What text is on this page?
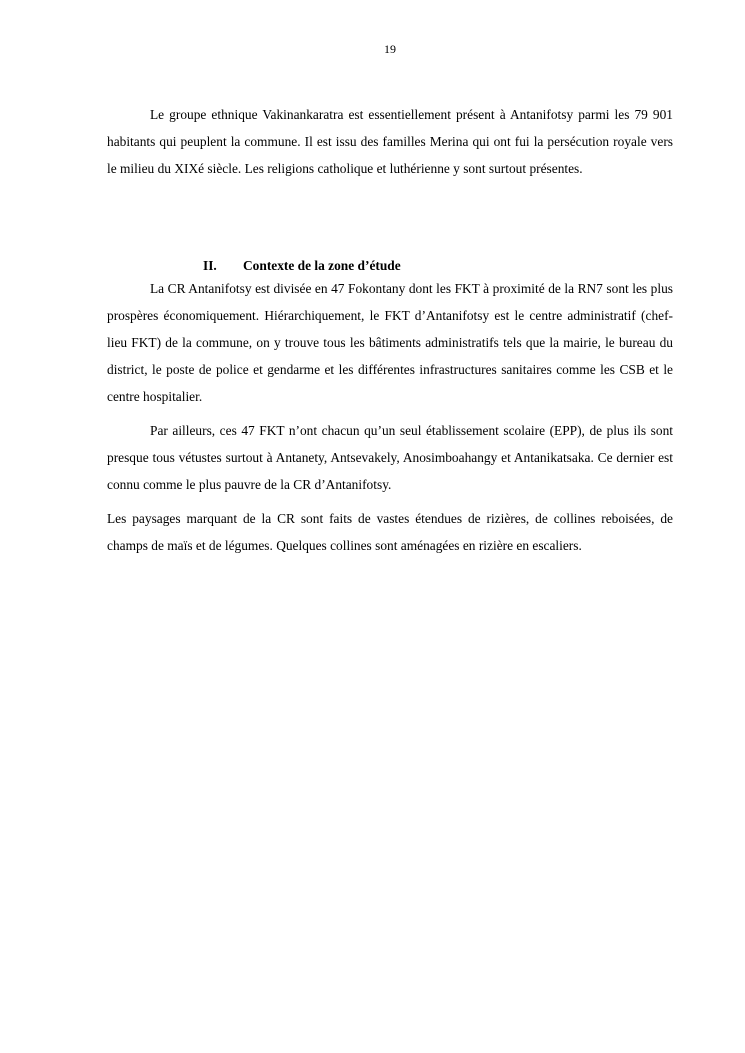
19

Le groupe ethnique Vakinankaratra est essentiellement présent à Antanifotsy parmi les 79 901 habitants qui peuplent la commune. Il est issu des familles Merina qui ont fui la persécution royale vers le milieu du XIXé siècle. Les religions catholique et luthérienne y sont surtout présentes.

II. Contexte de la zone d’étude

La CR Antanifotsy est divisée en 47 Fokontany dont les FKT à proximité de la RN7 sont les plus prospères économiquement. Hiérarchiquement, le FKT d’Antanifotsy est le centre administratif (chef-lieu FKT) de la commune, on y trouve tous les bâtiments administratifs tels que la mairie, le bureau du district, le poste de police et gendarme et les différentes infrastructures sanitaires comme les CSB et le centre hospitalier.

Par ailleurs, ces 47 FKT n’ont chacun qu’un seul établissement scolaire (EPP), de plus ils sont presque tous vétustes surtout à Antanety, Antsevakely, Anosimboahangy et Antanikatsaka. Ce dernier est connu comme le plus pauvre de la CR d’Antanifotsy.

Les paysages marquant de la CR sont faits de vastes étendues de rizières, de collines reboisées, de champs de maïs et de légumes. Quelques collines sont aménagées en rizière en escaliers.
